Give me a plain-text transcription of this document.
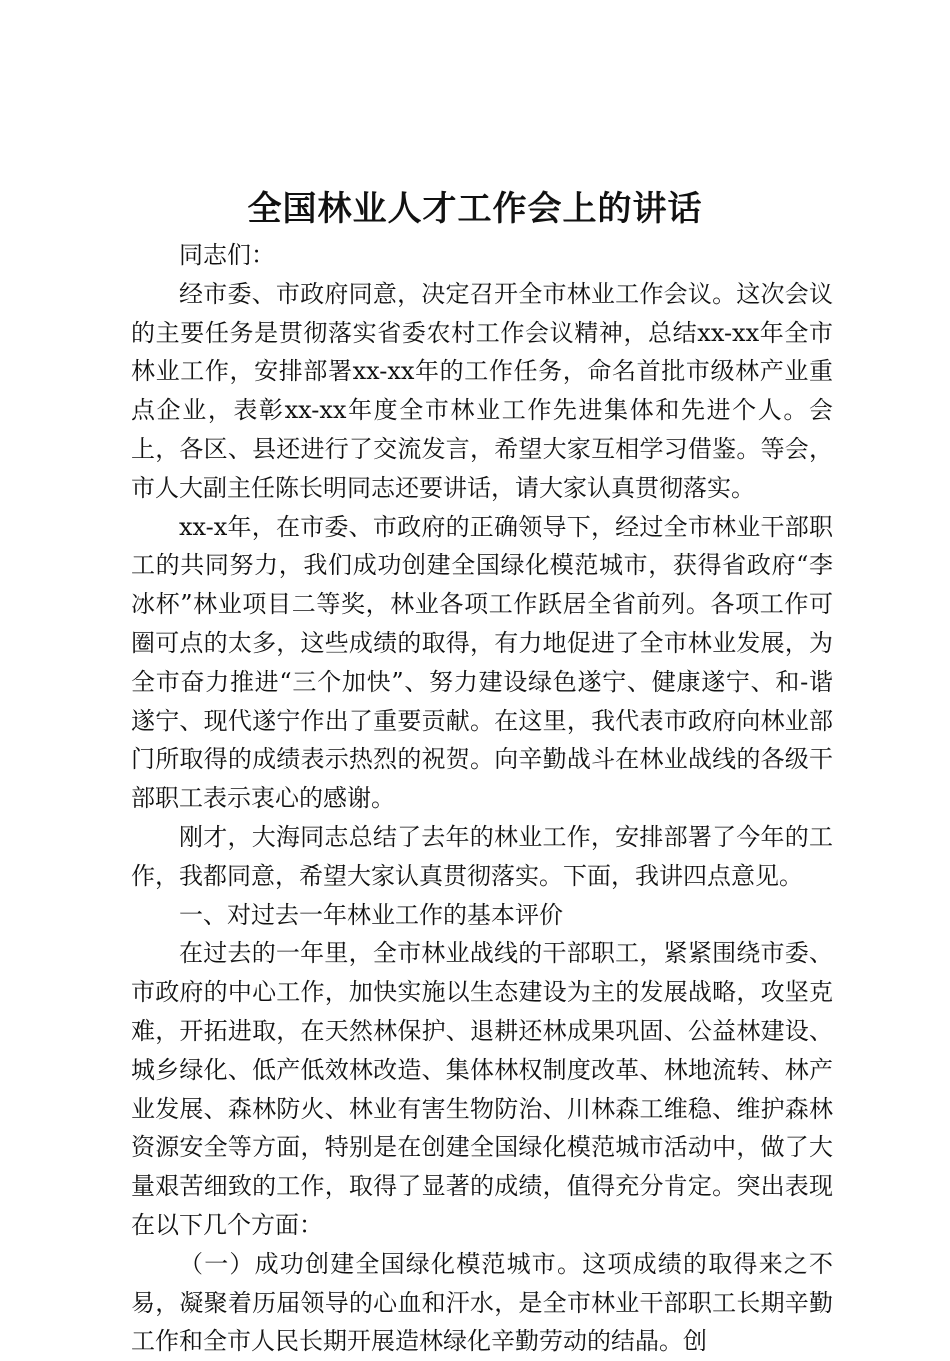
全国林业人才工作会上的讲话

同志们：

经市委、市政府同意，决定召开全市林业工作会议。这次会议的主要任务是贯彻落实省委农村工作会议精神，总结xx-xx年全市林业工作，安排部署xx-xx年的工作任务，命名首批市级林产业重点企业，表彰xx-xx年度全市林业工作先进集体和先进个人。会上，各区、县还进行了交流发言，希望大家互相学习借鉴。等会，市人大副主任陈长明同志还要讲话，请大家认真贯彻落实。

xx-x年，在市委、市政府的正确领导下，经过全市林业干部职工的共同努力，我们成功创建全国绿化模范城市，获得省政府“李冰杯”林业项目二等奖，林业各项工作跃居全省前列。各项工作可圈可点的太多，这些成绩的取得，有力地促进了全市林业发展，为全市奋力推进“三个加快”、努力建设绿色遂宁、健康遂宁、和-谐遂宁、现代遂宁作出了重要贡献。在这里，我代表市政府向林业部门所取得的成绩表示热烈的祝贺。向辛勤战斗在林业战线的各级干部职工表示衷心的感谢。

刚才，大海同志总结了去年的林业工作，安排部署了今年的工作，我都同意，希望大家认真贯彻落实。下面，我讲四点意见。

一、对过去一年林业工作的基本评价

在过去的一年里，全市林业战线的干部职工，紧紧围绕市委、市政府的中心工作，加快实施以生态建设为主的发展战略，攻坚克难，开拓进取，在天然林保护、退耕还林成果巩固、公益林建设、城乡绿化、低产低效林改造、集体林权制度改革、林地流转、林产业发展、森林防火、林业有害生物防治、川林森工维稳、维护森林资源安全等方面，特别是在创建全国绿化模范城市活动中，做了大量艰苦细致的工作，取得了显著的成绩，值得充分肯定。突出表现在以下几个方面：

（一）成功创建全国绿化模范城市。这项成绩的取得来之不易，凝聚着历届领导的心血和汗水，是全市林业干部职工长期辛勤工作和全市人民长期开展造林绿化辛勤劳动的结晶。创
